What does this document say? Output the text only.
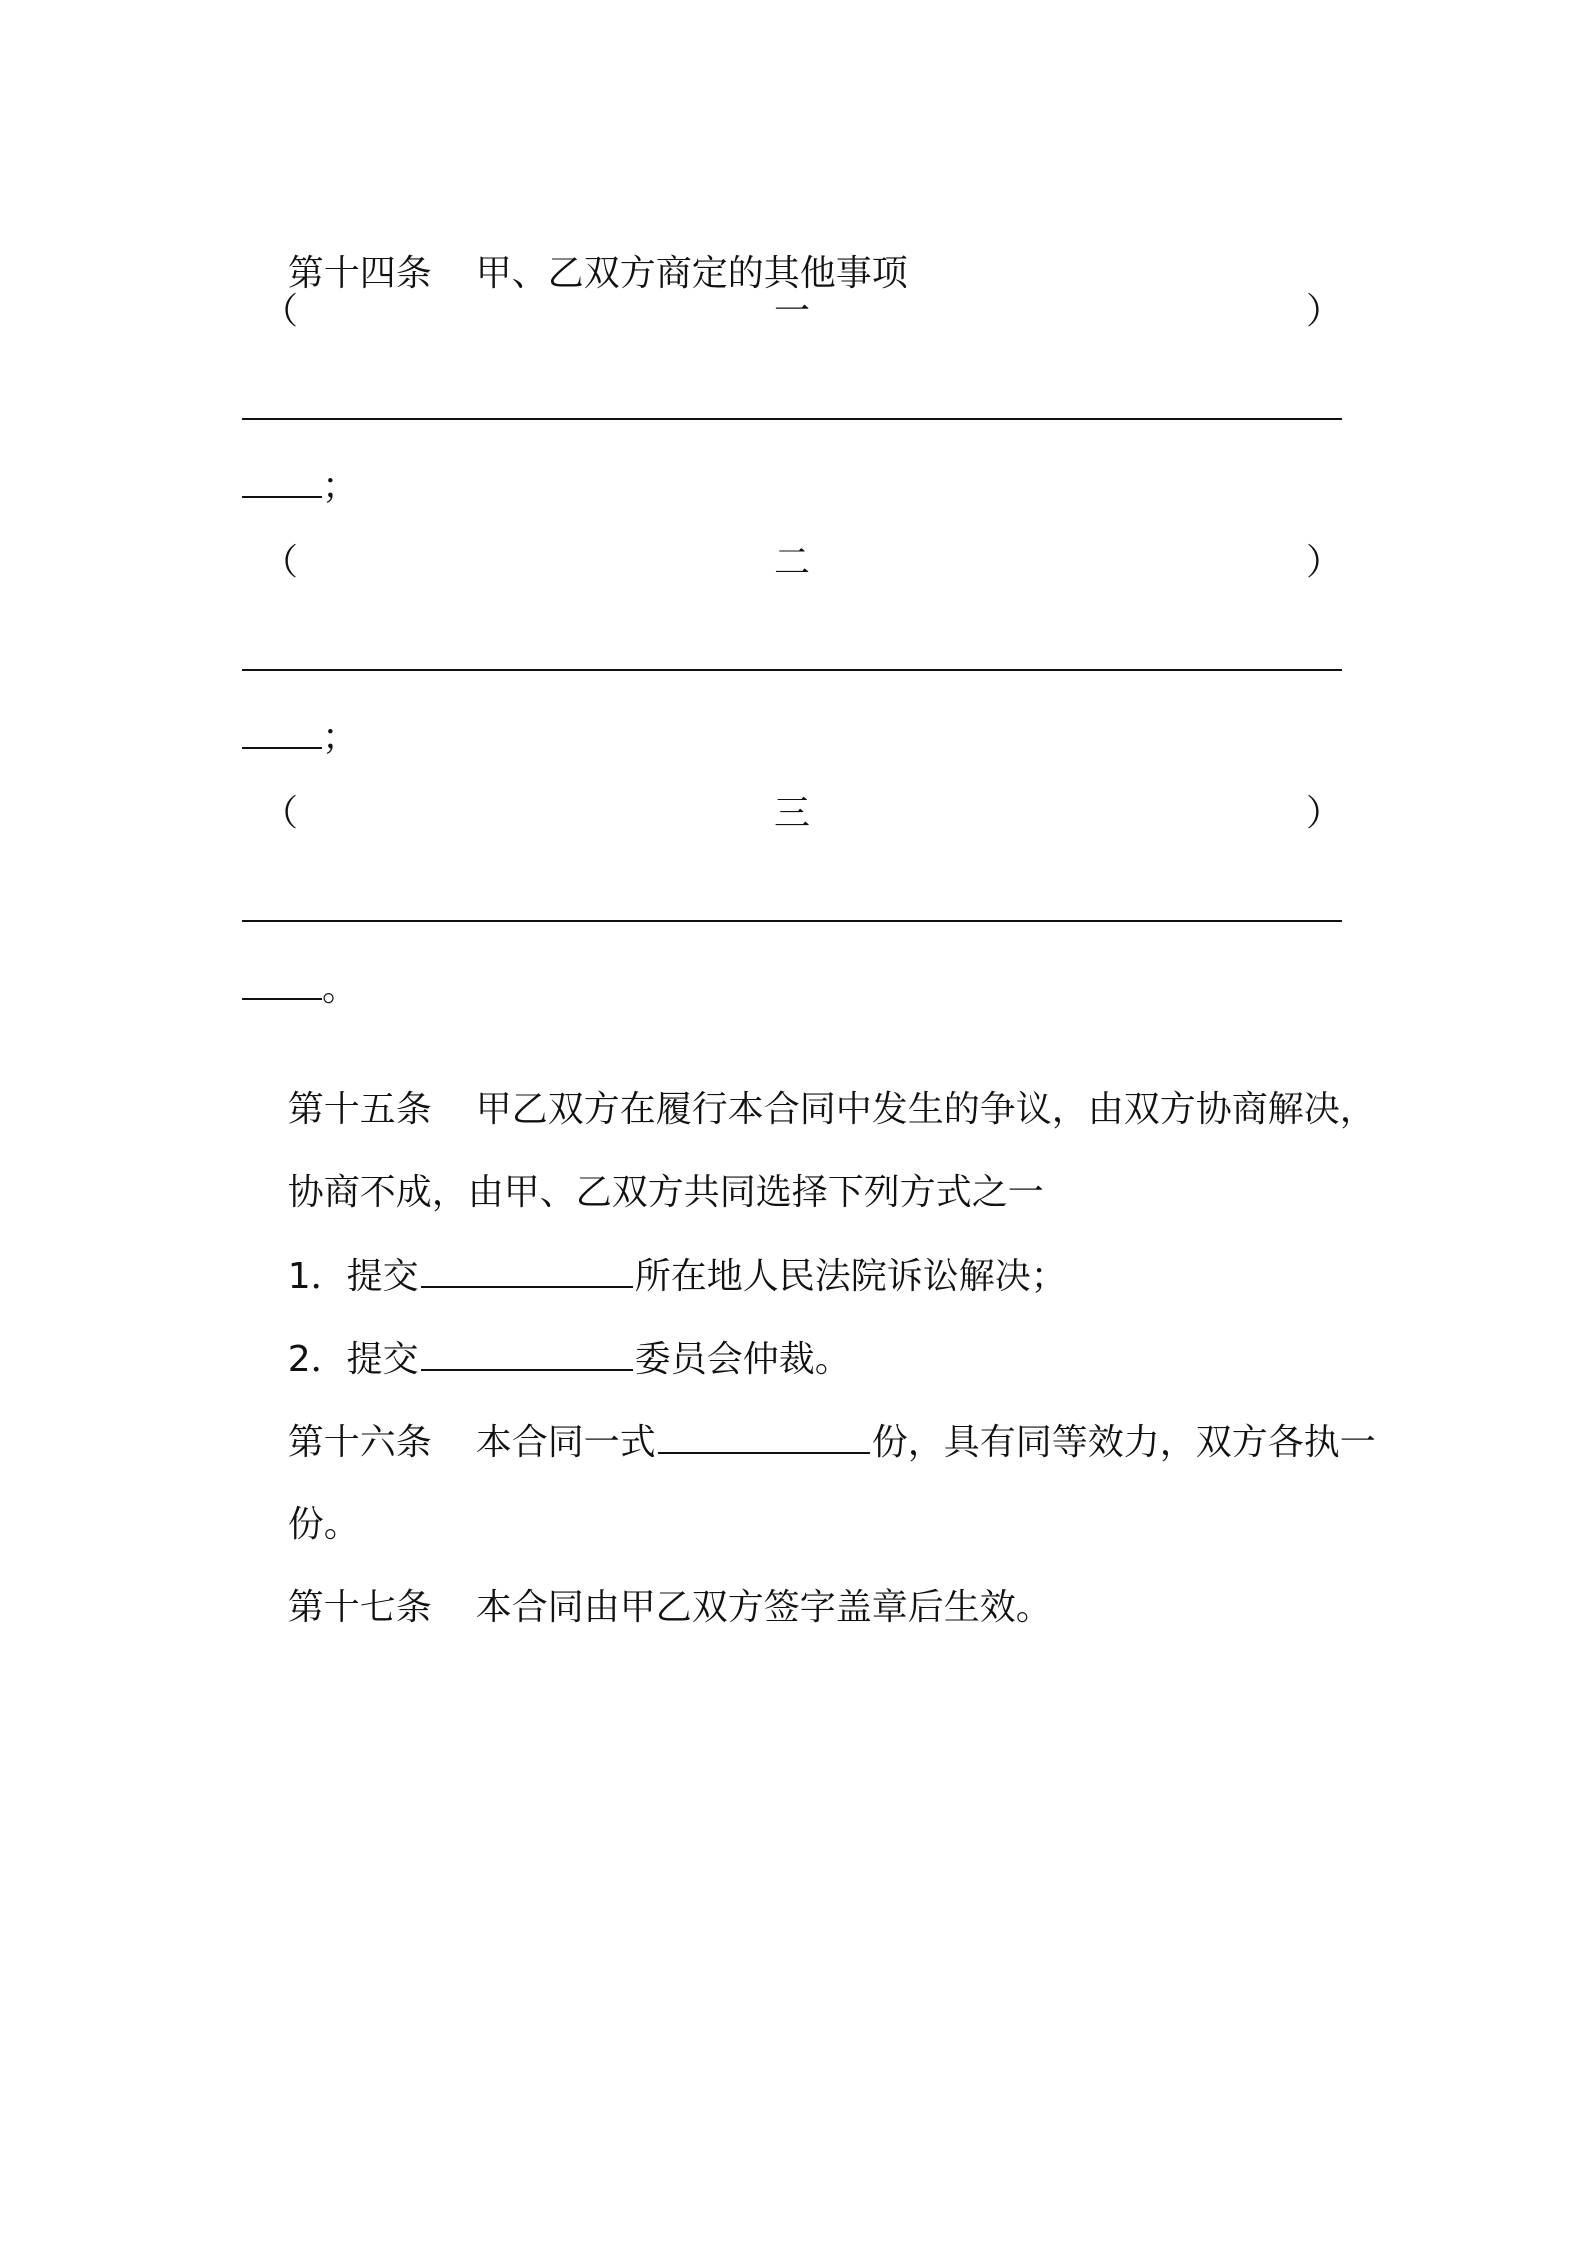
第十四条 甲、乙双方商定的其他事项

（	一	）
；
（	二	）
；
（	三	）
。

第十五条 甲乙双方在履行本合同中发生的争议，由双方协商解决，

协商不成，由甲、乙双方共同选择下列方式之一

1．提交	所在地人民法院诉讼解决；

2．提交	委员会仲裁。

第十六条 本合同一式	份，具有同等效力，双方各执一

份。

第十七条 本合同由甲乙双方签字盖章后生效。
